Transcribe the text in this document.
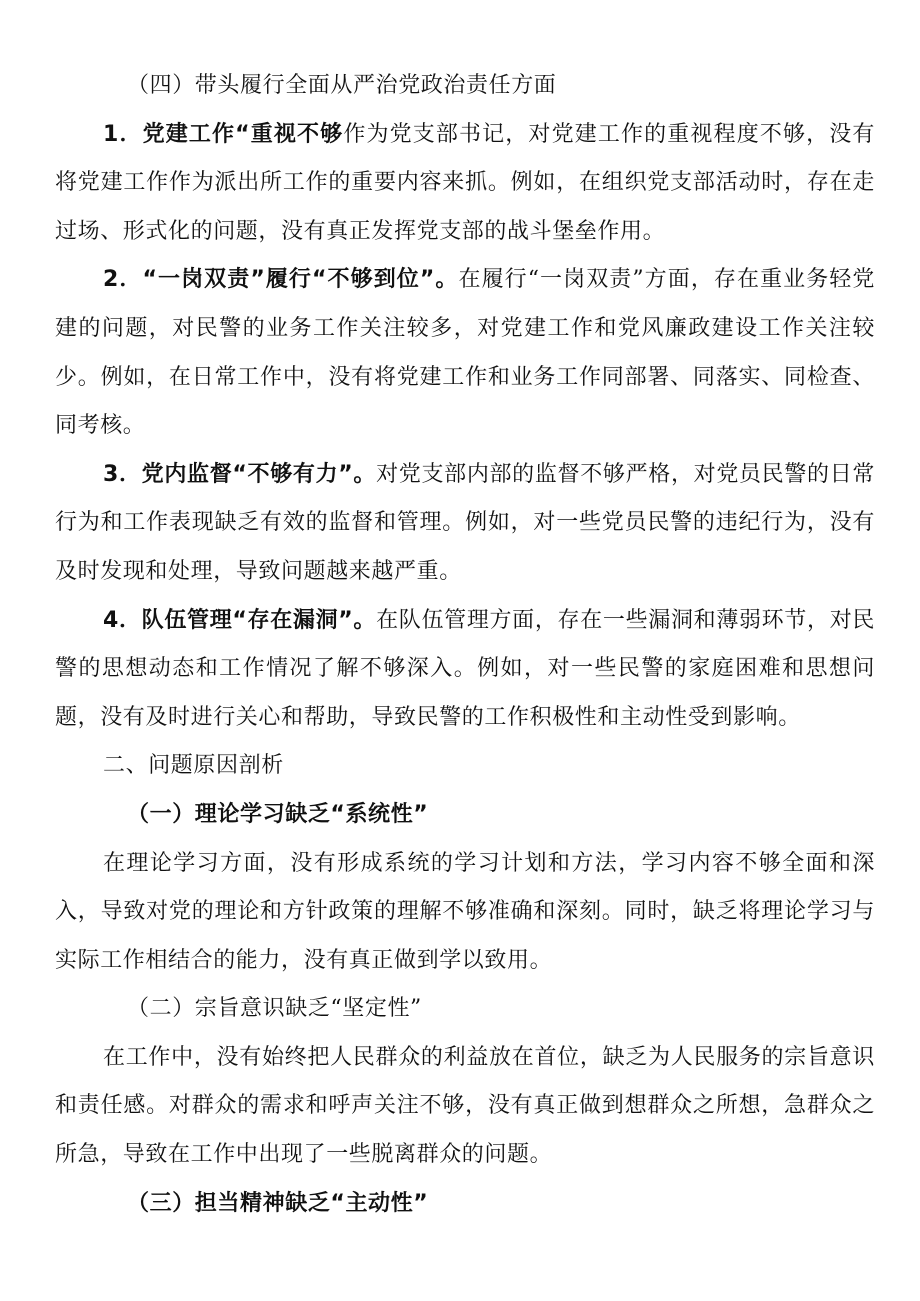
（四）带头履行全面从严治党政治责任方面

1．党建工作“重视不够作为党支部书记，对党建工作的重视程度不够，没有将党建工作作为派出所工作的重要内容来抓。例如，在组织党支部活动时，存在走过场、形式化的问题，没有真正发挥党支部的战斗堡垒作用。

2．“一岗双责”履行“不够到位”。在履行“一岗双责”方面，存在重业务轻党建的问题，对民警的业务工作关注较多，对党建工作和党风廉政建设工作关注较少。例如，在日常工作中，没有将党建工作和业务工作同部署、同落实、同检查、同考核。

3．党内监督“不够有力”。对党支部内部的监督不够严格，对党员民警的日常行为和工作表现缺乏有效的监督和管理。例如，对一些党员民警的违纪行为，没有及时发现和处理，导致问题越来越严重。

4．队伍管理“存在漏洞”。在队伍管理方面，存在一些漏洞和薄弱环节，对民警的思想动态和工作情况了解不够深入。例如，对一些民警的家庭困难和思想问题，没有及时进行关心和帮助，导致民警的工作积极性和主动性受到影响。

二、问题原因剖析

（一）理论学习缺乏“系统性”

在理论学习方面，没有形成系统的学习计划和方法，学习内容不够全面和深入，导致对党的理论和方针政策的理解不够准确和深刻。同时，缺乏将理论学习与实际工作相结合的能力，没有真正做到学以致用。

（二）宗旨意识缺乏“坚定性”

在工作中，没有始终把人民群众的利益放在首位，缺乏为人民服务的宗旨意识和责任感。对群众的需求和呼声关注不够，没有真正做到想群众之所想，急群众之所急，导致在工作中出现了一些脱离群众的问题。

（三）担当精神缺乏“主动性”
